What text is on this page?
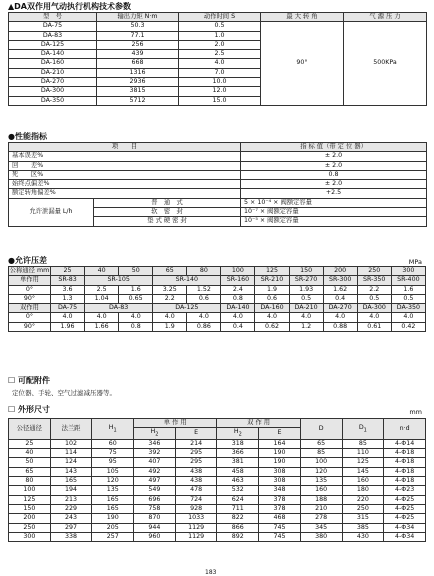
▲DA双作用气动执行机构技术参数
型　号	输出力矩 N·m	动作时间 S	最 大 转 角	气 源 压 力
DA-75	50.3	0.5	90°	500KPa
DA-83	77.1	1.0		
DA-125	256	2.0		
DA-140	439	2.5		
DA-160	668	4.0		
DA-210	1316	7.0		
DA-270	2936	10.0		
DA-300	3815	12.0		
DA-350	5712	15.0		
●性能指标
项　　目		指 标 值（带 定 位 器）
基本误差%		± 2.0
回　　差%		± 2.0
死　　区%		0.8
始终点偏差%		± 2.0
额定转角偏差%		+2.5
允许泄漏量 L/h	普　通　式	5 × 10⁻⁴ × 阀额定容量
	软　密　封	10⁻⁷ × 阀额定容量
	垫 式 硬 密 封	10⁻⁵ × 阀额定容量
●允许压差	MPa
公称通径 mm	25	40	50	65	80	100	125	150	200	250	300
单作用	SR-83	SR-105		SR-140		SR-160	SR-210	SR-270	SR-300	SR-350	SR-400
0°	3.6	2.5	1.6	3.25	1.52	2.4	1.9	1.93	1.62	2.2	1.6
90°	1.3	1.04	0.65	2.2	0.6	0.8	0.6	0.5	0.4	0.5	0.5
双作用	DA-75	DA-83		DA-125		DA-140	DA-160	DA-210	DA-270	DA-300	DA-350
0°	4.0	4.0	4.0	4.0	4.0	4.0	4.0	4.0	4.0	4.0	4.0
90°	1.96	1.66	0.8	1.9	0.86	0.4	0.62	1.2	0.88	0.61	0.42
☐ 可配附件
定位器、手轮、空气过滤减压器等。
☐ 外形尺寸	mm
公径通径	法兰距	$H_1$	单 作 用		双 作 用		D	$D_1$	n·d
			$H_2$	E	$H_2$	E			
25	102	60	346	214	318	164	65	85	4-Φ14
40	114	75	392	295	366	190	85	110	4-Φ18
50	124	95	407	295	381	190	100	125	4-Φ18
65	143	105	492	438	458	308	120	145	4-Φ18
80	165	120	497	438	463	308	135	160	4-Φ18
100	194	135	549	478	532	348	160	180	4-Φ23
125	213	165	696	724	624	378	188	220	4-Φ25
150	229	165	758	928	711	378	210	250	4-Φ25
200	243	190	870	1033	822	468	278	315	4-Φ25
250	297	205	944	1129	866	745	345	385	4-Φ34
300	338	257	960	1129	892	745	380	430	4-Φ34
183
